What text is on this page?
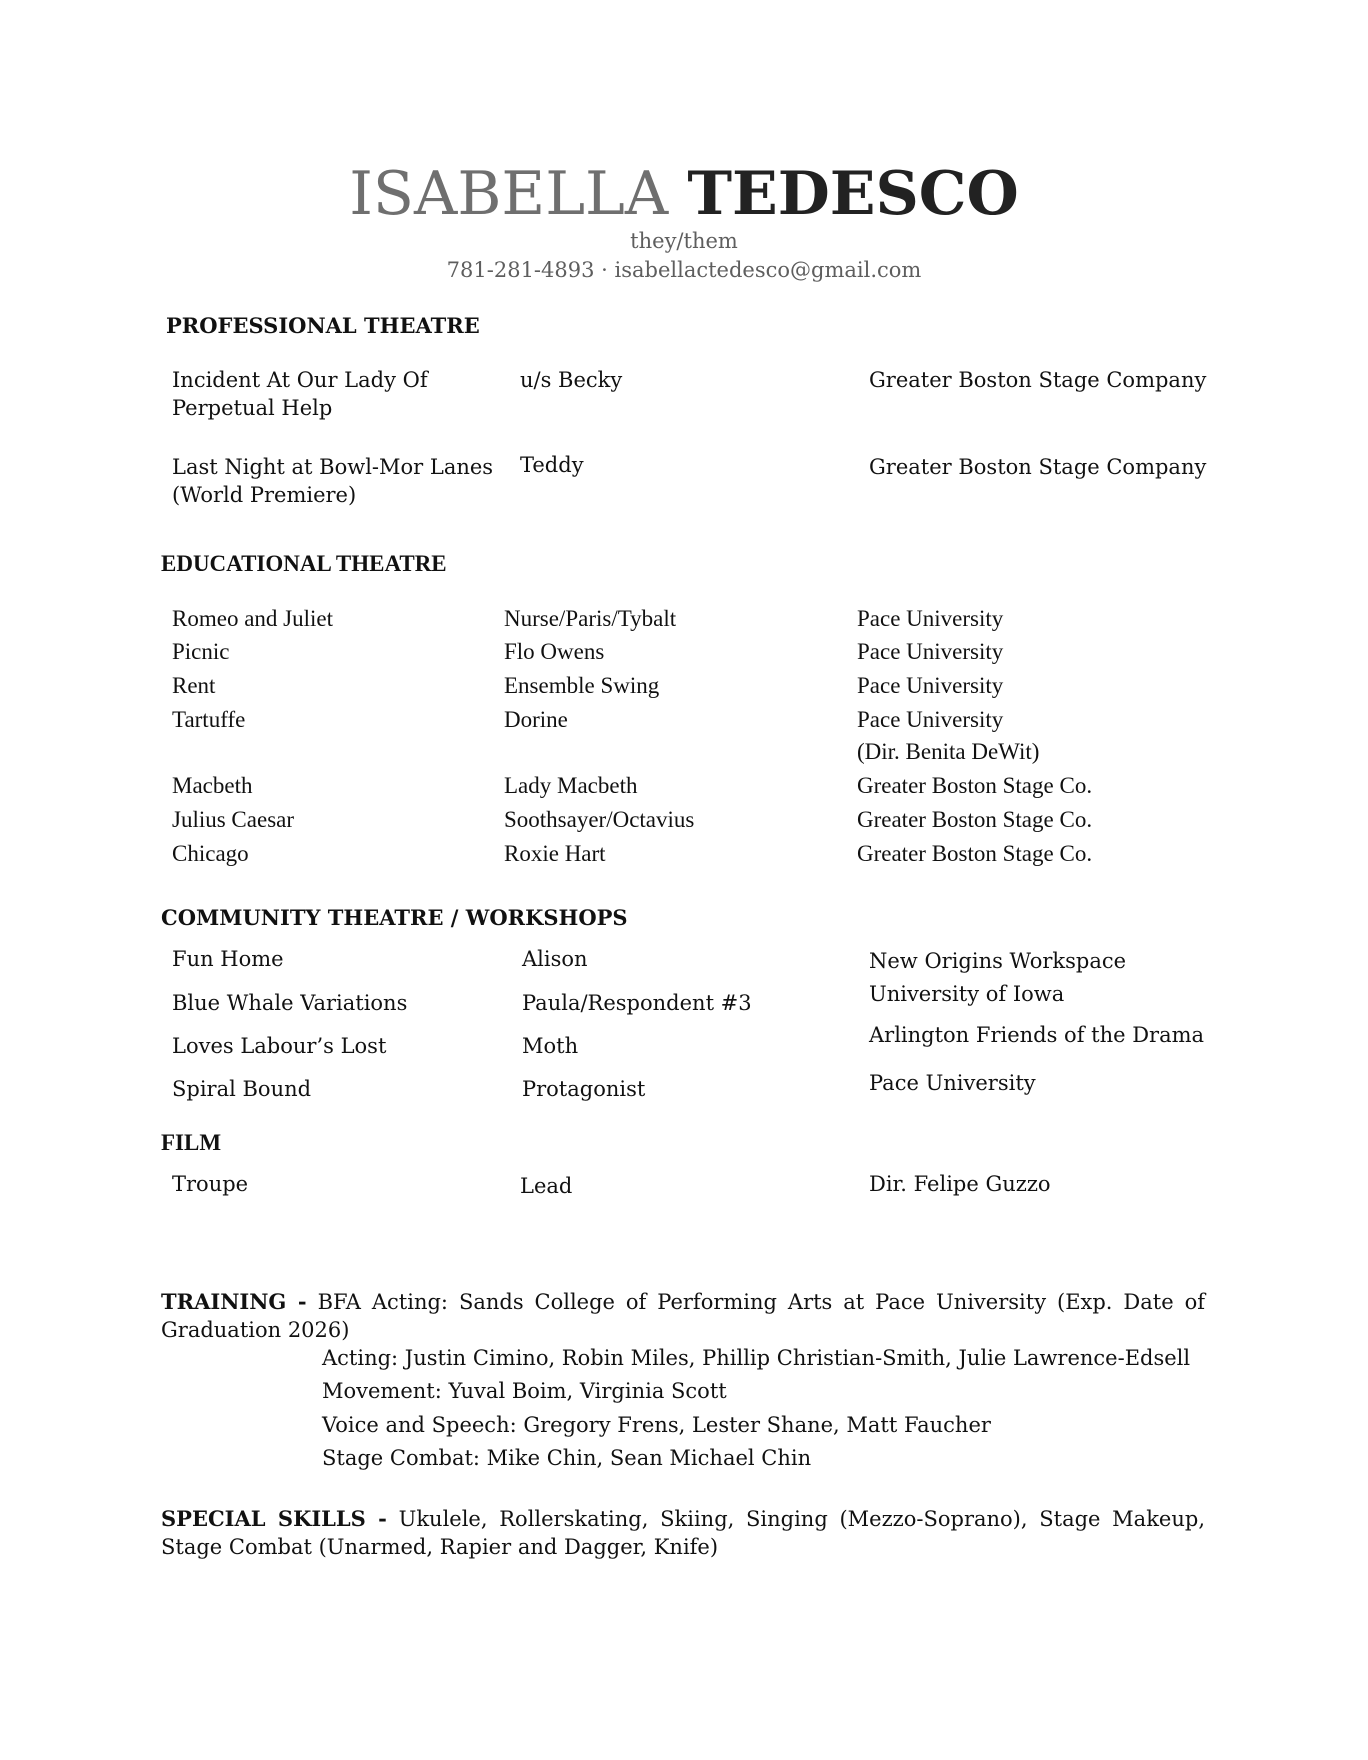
ISABELLA TEDESCO
they/them
781-281-4893 · isabellactedesco@gmail.com
PROFESSIONAL THEATRE
Incident At Our Lady Of
Perpetual Help
u/s Becky	Greater Boston Stage Company
Last Night at Bowl-Mor Lanes
(World Premiere)
Teddy	Greater Boston Stage Company
EDUCATIONAL THEATRE
Romeo and Juliet	Nurse/Paris/Tybalt	Pace University
Picnic	Flo Owens	Pace University
Rent	Ensemble Swing	Pace University
Tartuffe	Dorine	Pace University
(Dir. Benita DeWit)
Macbeth	Lady Macbeth	Greater Boston Stage Co.
Julius Caesar	Soothsayer/Octavius	Greater Boston Stage Co.
Chicago	Roxie Hart	Greater Boston Stage Co.
COMMUNITY THEATRE / WORKSHOPS
Fun Home	Alison	New Origins Workspace
Blue Whale Variations	Paula/Respondent #3	University of Iowa
Loves Labour’s Lost	Moth	Arlington Friends of the Drama
Spiral Bound	Protagonist	Pace University
FILM
Troupe	Lead	Dir. Felipe Guzzo
TRAINING - BFA Acting: Sands College of Performing Arts at Pace University (Exp. Date of Graduation 2026)
Acting: Justin Cimino, Robin Miles, Phillip Christian-Smith, Julie Lawrence-Edsell
Movement: Yuval Boim, Virginia Scott
Voice and Speech: Gregory Frens, Lester Shane, Matt Faucher
Stage Combat: Mike Chin, Sean Michael Chin
SPECIAL SKILLS - Ukulele, Rollerskating, Skiing, Singing (Mezzo-Soprano), Stage Makeup, Stage Combat (Unarmed, Rapier and Dagger, Knife)
